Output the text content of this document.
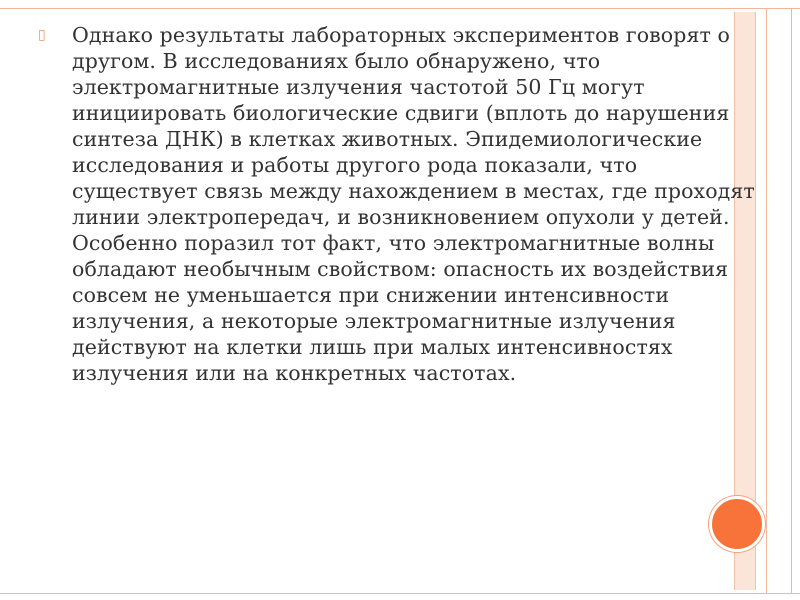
▯	Однако результаты лабораторных экспериментов говорят о другом. В исследованиях было обнаружено, что электромагнитные излучения частотой 50 Гц могут инициировать биологические сдвиги (вплоть до нарушения синтеза ДНК) в клетках животных. Эпидемиологические исследования и работы другого рода показали, что существует связь между нахождением в местах, где проходят линии электропередач, и возникновением опухоли у детей. Особенно поразил тот факт, что электромагнитные волны обладают необычным свойством: опасность их воздействия совсем не уменьшается при снижении интенсивности излучения, а некоторые электромагнитные излучения действуют на клетки лишь при малых интенсивностях излучения или на конкретных частотах.
